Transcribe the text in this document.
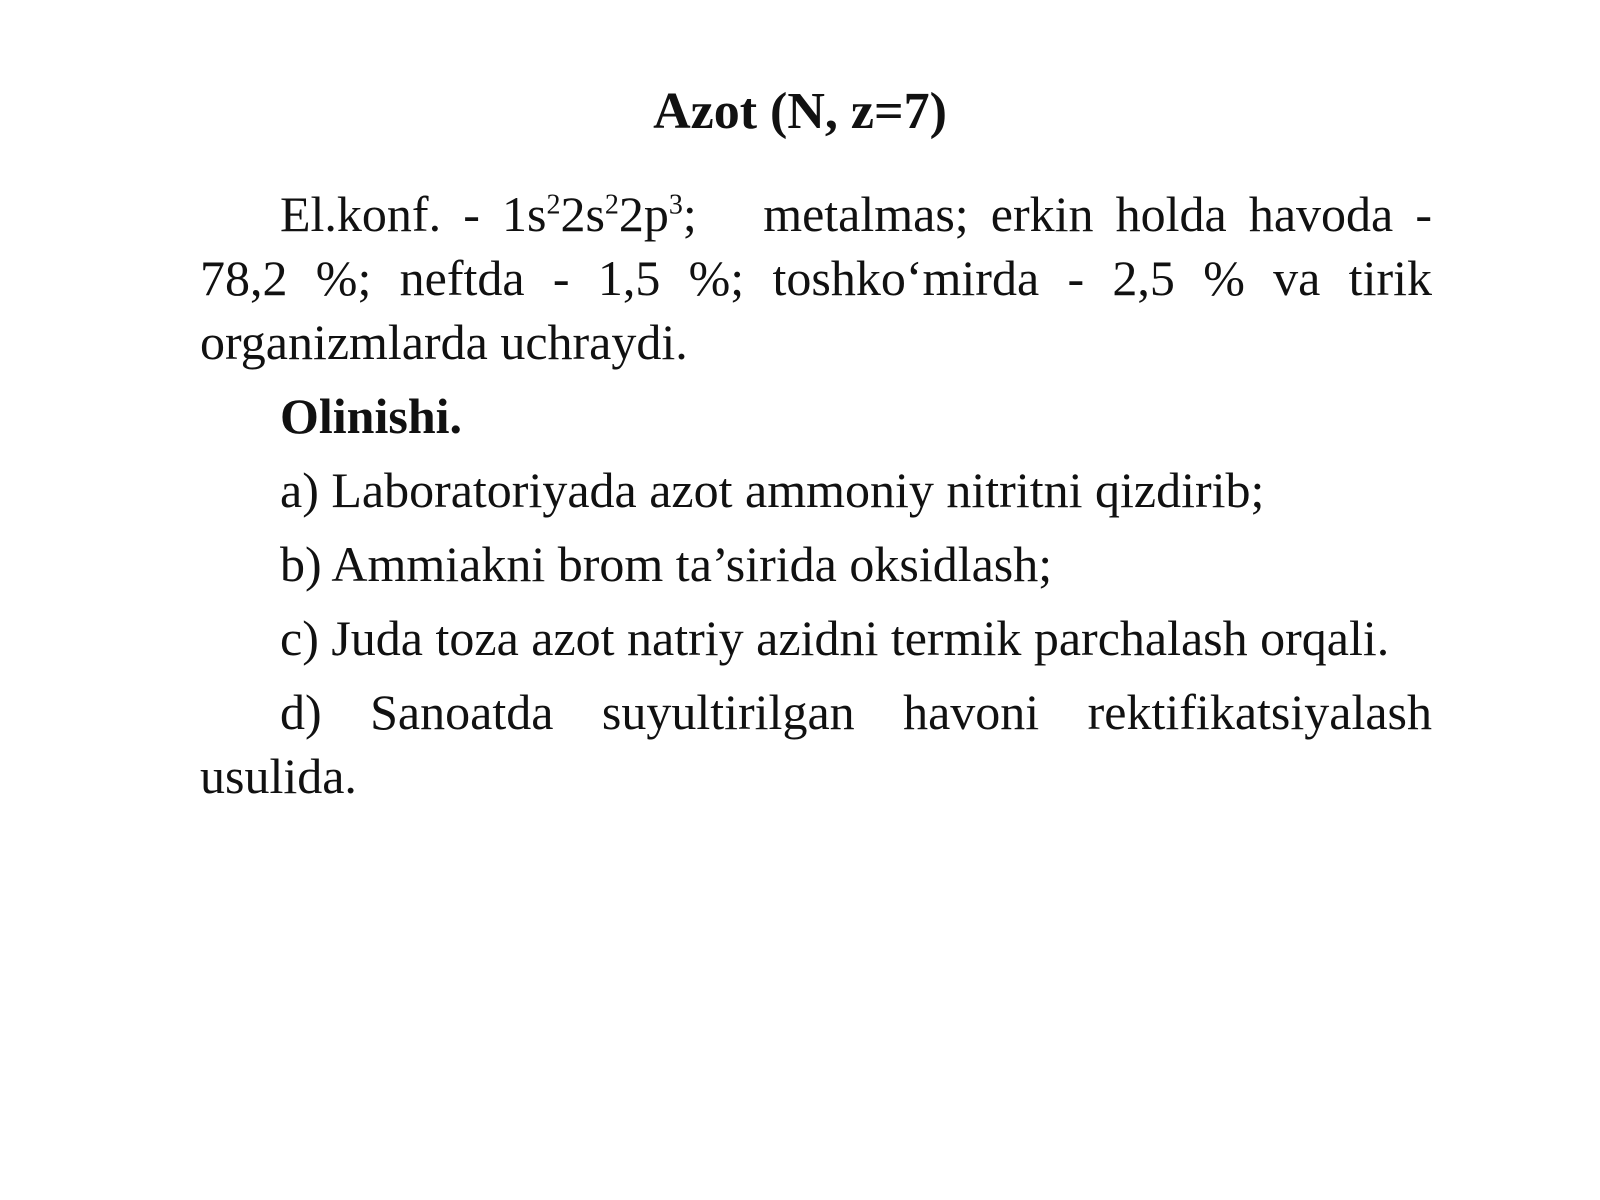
Azot (N, z=7)

El.konf. - $1s^22s^22p^3$; metalmas; erkin holda havoda - 78,2 %; neftda - 1,5 %; toshko‘mirda - 2,5 % va tirik organizmlarda uchraydi.

Olinishi.

a) Laboratoriyada azot ammoniy nitritni qizdirib;

b) Ammiakni brom ta’sirida oksidlash;

c) Juda toza azot natriy azidni termik parchalash orqali.

d) Sanoatda suyultirilgan havoni rektifikatsiyalash usulida.
